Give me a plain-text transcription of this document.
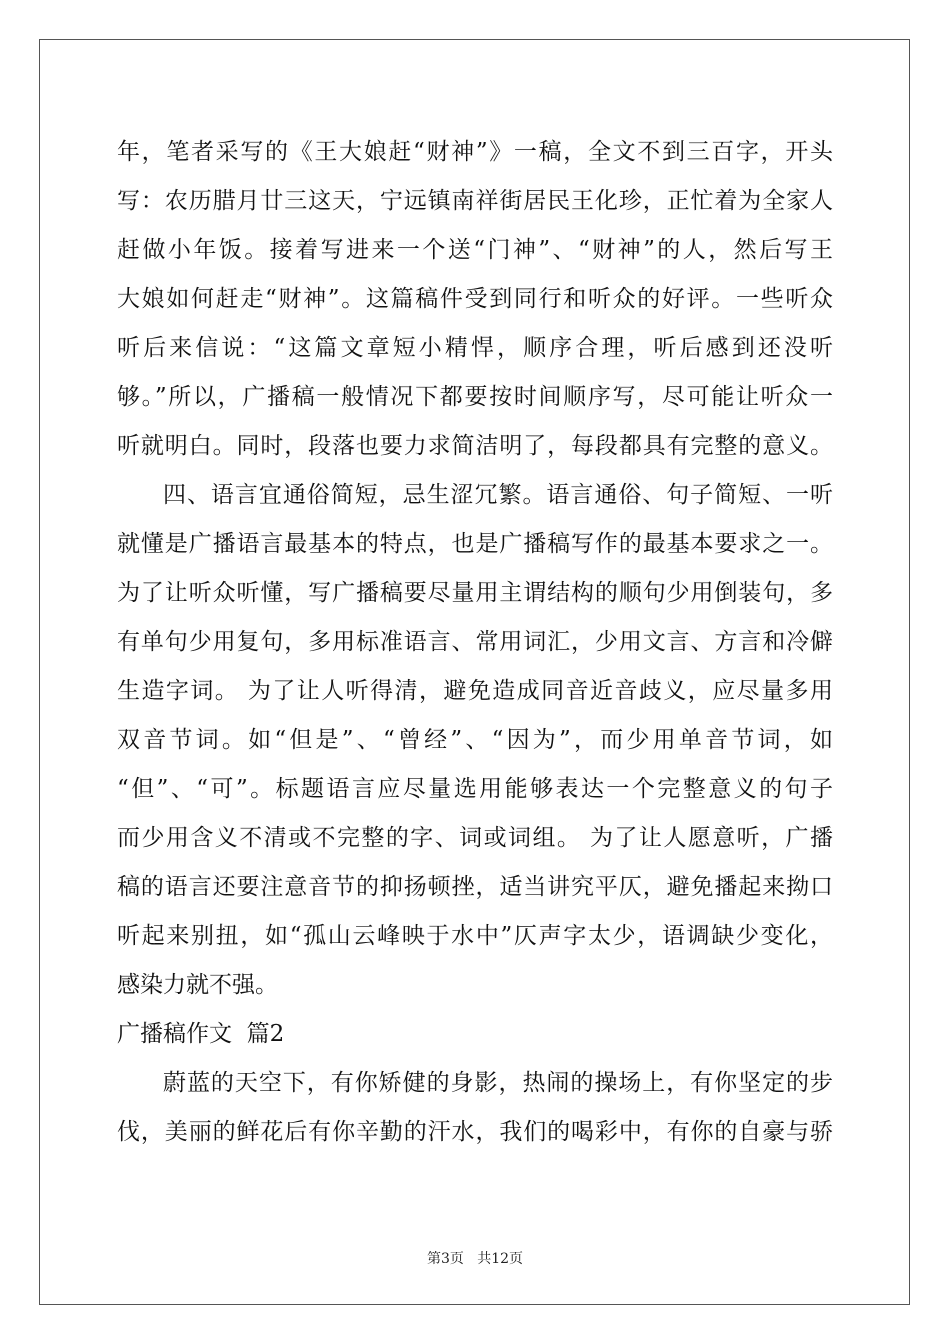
年，笔者采写的《王大娘赶“财神”》一稿，全文不到三百字，开头
写：农历腊月廿三这天，宁远镇南祥街居民王化珍，正忙着为全家人
赶做小年饭。接着写进来一个送“门神”、“财神”的人，然后写王
大娘如何赶走“财神”。这篇稿件受到同行和听众的好评。一些听众
听后来信说：“这篇文章短小精悍，顺序合理，听后感到还没听
够。”所以，广播稿一般情况下都要按时间顺序写，尽可能让听众一
听就明白。同时，段落也要力求简洁明了，每段都具有完整的意义。
四、语言宜通俗简短，忌生涩冗繁。语言通俗、句子简短、一听
就懂是广播语言最基本的特点，也是广播稿写作的最基本要求之一。
为了让听众听懂，写广播稿要尽量用主谓结构的顺句少用倒装句，多
有单句少用复句，多用标准语言、常用词汇，少用文言、方言和冷僻
生造字词。 为了让人听得清，避免造成同音近音歧义，应尽量多用
双音节词。如“但是”、“曾经”、“因为”，而少用单音节词，如
“但”、“可”。标题语言应尽量选用能够表达一个完整意义的句子
而少用含义不清或不完整的字、词或词组。 为了让人愿意听，广播
稿的语言还要注意音节的抑扬顿挫，适当讲究平仄，避免播起来拗口
听起来别扭，如“孤山云峰映于水中”仄声字太少，语调缺少变化，
感染力就不强。
广播稿作文  篇2
蔚蓝的天空下，有你矫健的身影，热闹的操场上，有你坚定的步
伐，美丽的鲜花后有你辛勤的汗水，我们的喝彩中，有你的自豪与骄
第3页   共12页
